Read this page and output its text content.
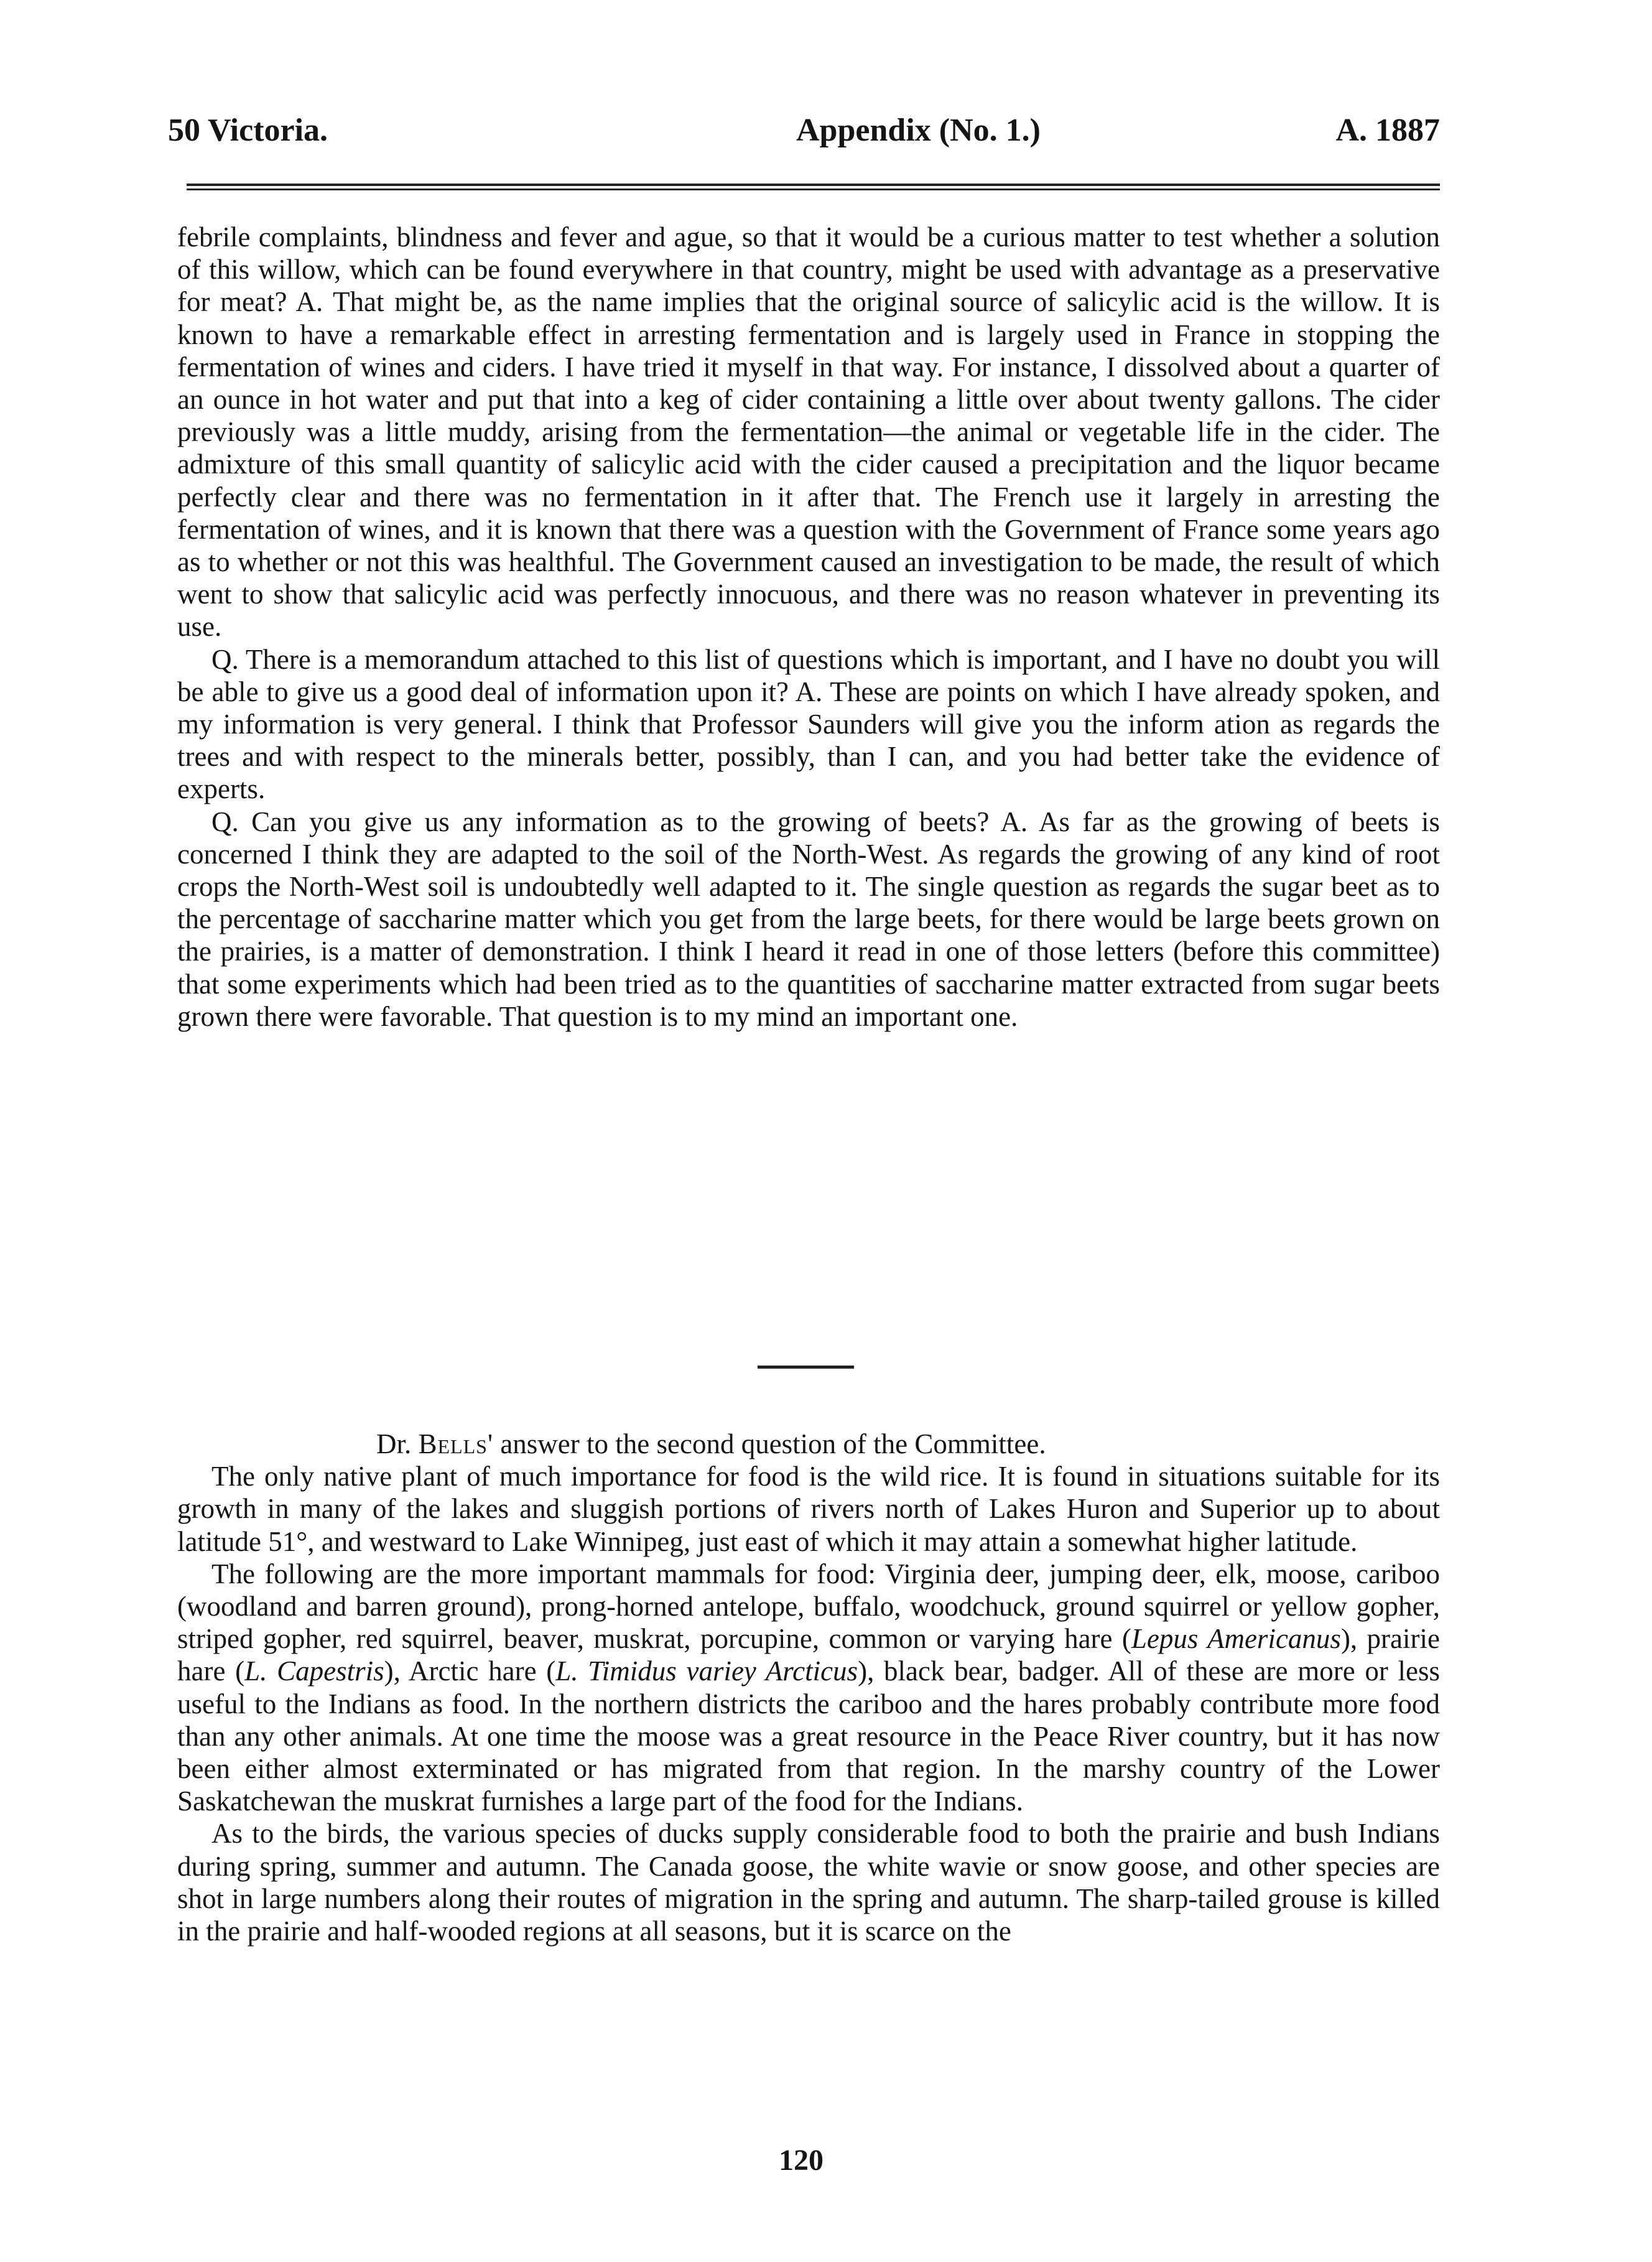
50 Victoria.	Appendix (No. 1.)	A. 1887

febrile complaints, blindness and fever and ague, so that it would be a curious matter to test whether a solution of this willow, which can be found everywhere in that country, might be used with advantage as a preservative for meat? A. That might be, as the name implies that the original source of salicylic acid is the willow. It is known to have a remarkable effect in arresting fermentation and is largely used in France in stopping the fermentation of wines and ciders. I have tried it myself in that way. For instance, I dissolved about a quarter of an ounce in hot water and put that into a keg of cider containing a little over about twenty gallons. The cider previously was a little muddy, arising from the fermentation—the animal or vegetable life in the cider. The admixture of this small quantity of salicylic acid with the cider caused a precipitation and the liquor became perfectly clear and there was no fermentation in it after that. The French use it largely in arresting the fermentation of wines, and it is known that there was a question with the Government of France some years ago as to whether or not this was healthful. The Government caused an investigation to be made, the result of which went to show that salicylic acid was perfectly innocuous, and there was no reason whatever in preventing its use.

Q. There is a memorandum attached to this list of questions which is important, and I have no doubt you will be able to give us a good deal of information upon it? A. These are points on which I have already spoken, and my information is very general. I think that Professor Saunders will give you the inform ation as regards the trees and with respect to the minerals better, possibly, than I can, and you had better take the evidence of experts.

Q. Can you give us any information as to the growing of beets? A. As far as the growing of beets is concerned I think they are adapted to the soil of the North-West. As regards the growing of any kind of root crops the North-West soil is undoubtedly well adapted to it. The single question as regards the sugar beet as to the percentage of saccharine matter which you get from the large beets, for there would be large beets grown on the prairies, is a matter of demonstration. I think I heard it read in one of those letters (before this committee) that some experiments which had been tried as to the quantities of saccharine matter extracted from sugar beets grown there were favorable. That question is to my mind an important one.

Dr. Bells' answer to the second question of the Committee.

The only native plant of much importance for food is the wild rice. It is found in situations suitable for its growth in many of the lakes and sluggish portions of rivers north of Lakes Huron and Superior up to about latitude 51°, and westward to Lake Winnipeg, just east of which it may attain a somewhat higher latitude.

The following are the more important mammals for food: Virginia deer, jumping deer, elk, moose, cariboo (woodland and barren ground), prong-horned antelope, buffalo, woodchuck, ground squirrel or yellow gopher, striped gopher, red squirrel, beaver, muskrat, porcupine, common or varying hare (Lepus Americanus), prairie hare (L. Capestris), Arctic hare (L. Timidus variey Arcticus), black bear, badger. All of these are more or less useful to the Indians as food. In the northern districts the cariboo and the hares probably contribute more food than any other animals. At one time the moose was a great resource in the Peace River country, but it has now been either almost exterminated or has migrated from that region. In the marshy country of the Lower Saskatchewan the muskrat furnishes a large part of the food for the Indians.

As to the birds, the various species of ducks supply considerable food to both the prairie and bush Indians during spring, summer and autumn. The Canada goose, the white wavie or snow goose, and other species are shot in large numbers along their routes of migration in the spring and autumn. The sharp-tailed grouse is killed in the prairie and half-wooded regions at all seasons, but it is scarce on the

120
